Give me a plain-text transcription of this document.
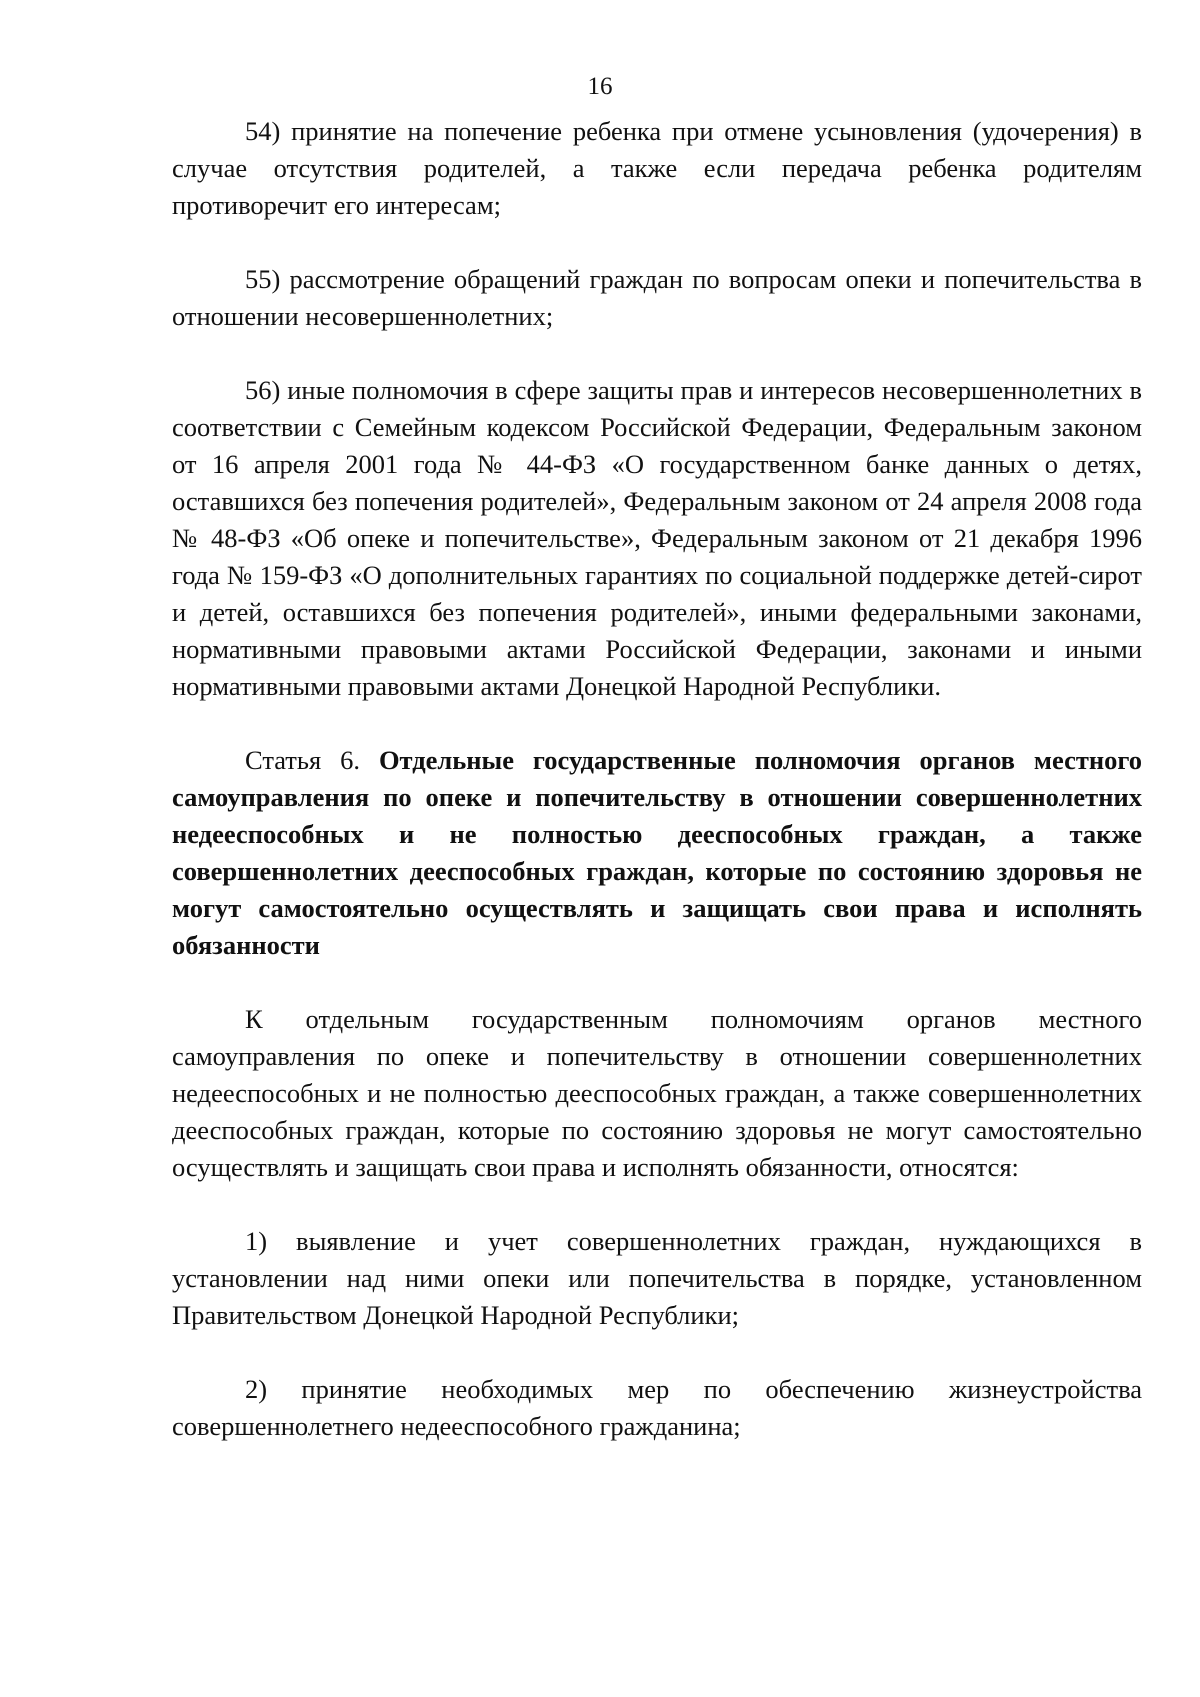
16

54) принятие на попечение ребенка при отмене усыновления (удочерения) в случае отсутствия родителей, а также если передача ребенка родителям противоречит его интересам;

55) рассмотрение обращений граждан по вопросам опеки и попечительства в отношении несовершеннолетних;

56) иные полномочия в сфере защиты прав и интересов несовершеннолетних в соответствии с Семейным кодексом Российской Федерации, Федеральным законом от 16 апреля 2001 года № 44-ФЗ «О государственном банке данных о детях, оставшихся без попечения родителей», Федеральным законом от 24 апреля 2008 года № 48-ФЗ «Об опеке и попечительстве», Федеральным законом от 21 декабря 1996 года № 159-ФЗ «О дополнительных гарантиях по социальной поддержке детей-сирот и детей, оставшихся без попечения родителей», иными федеральными законами, нормативными правовыми актами Российской Федерации, законами и иными нормативными правовыми актами Донецкой Народной Республики.

Статья 6. Отдельные государственные полномочия органов местного самоуправления по опеке и попечительству в отношении совершеннолетних недееспособных и не полностью дееспособных граждан, а также совершеннолетних дееспособных граждан, которые по состоянию здоровья не могут самостоятельно осуществлять и защищать свои права и исполнять обязанности

К отдельным государственным полномочиям органов местного самоуправления по опеке и попечительству в отношении совершеннолетних недееспособных и не полностью дееспособных граждан, а также совершеннолетних дееспособных граждан, которые по состоянию здоровья не могут самостоятельно осуществлять и защищать свои права и исполнять обязанности, относятся:

1) выявление и учет совершеннолетних граждан, нуждающихся в установлении над ними опеки или попечительства в порядке, установленном Правительством Донецкой Народной Республики;

2) принятие необходимых мер по обеспечению жизнеустройства совершеннолетнего недееспособного гражданина;
